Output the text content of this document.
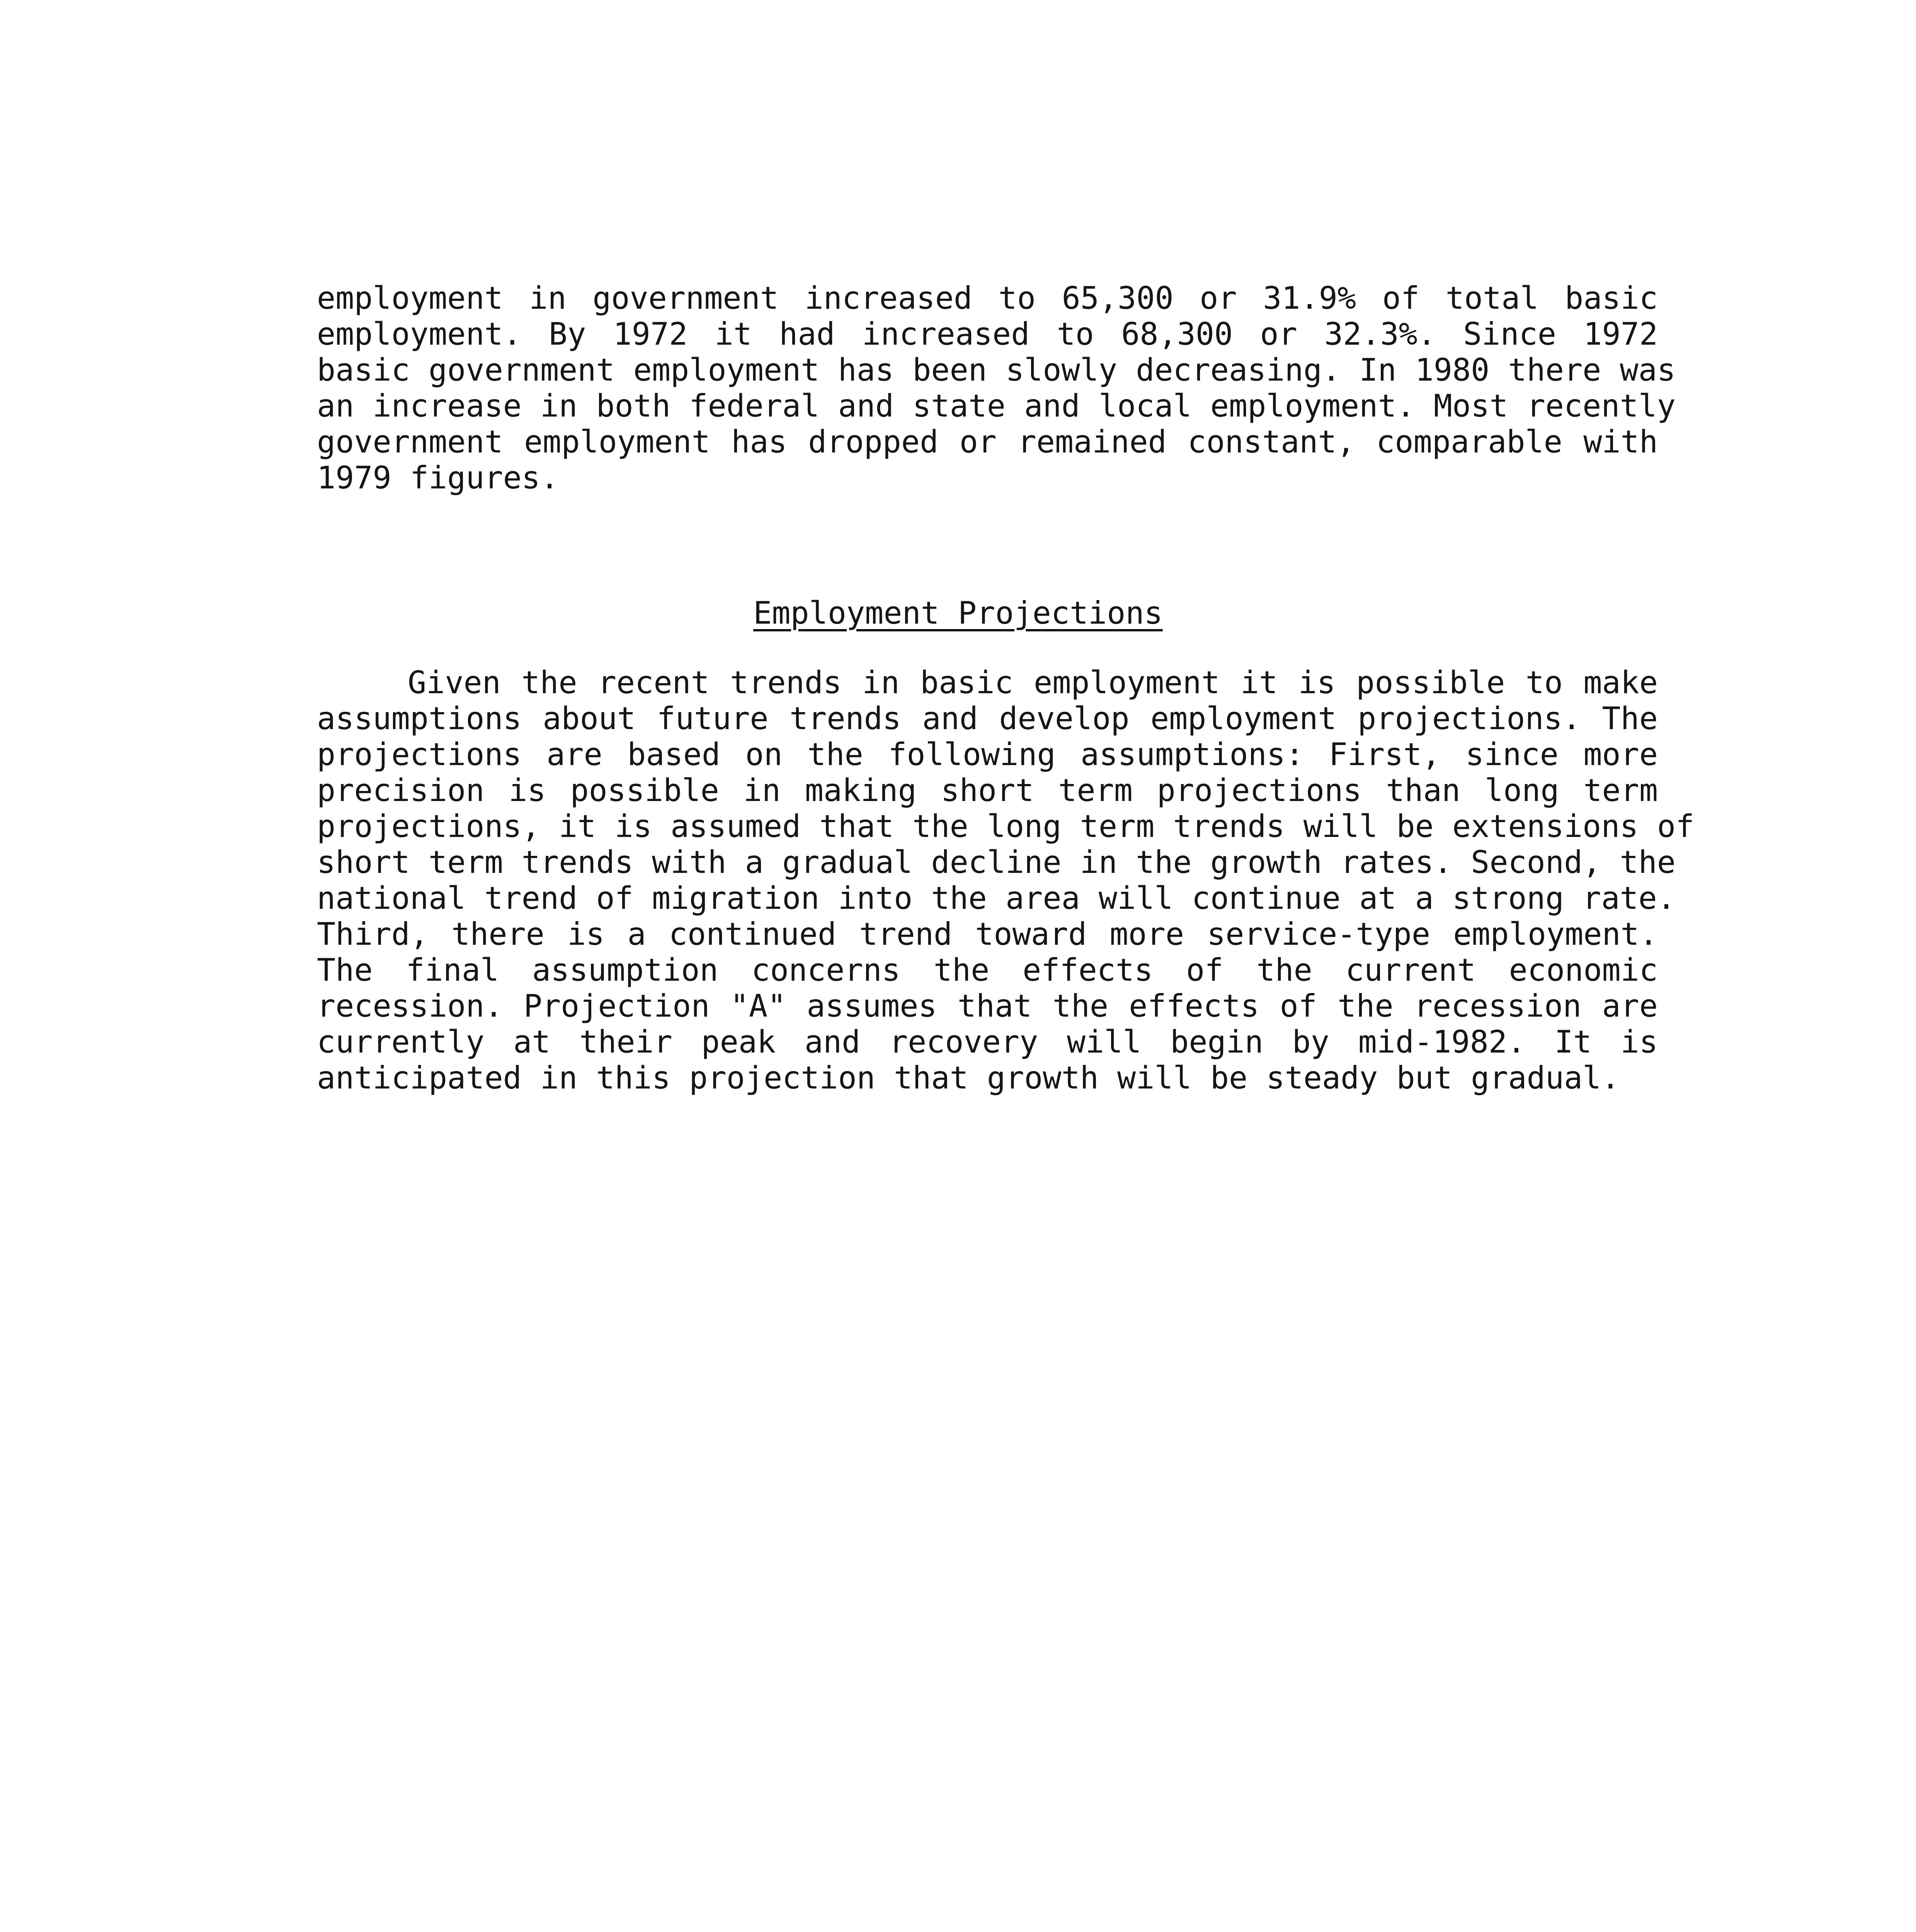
employment in government increased to 65,300 or 31.9% of total basic
employment. By 1972 it had increased to 68,300 or 32.3%. Since 1972
basic government employment has been slowly decreasing. In 1980 there was
an increase in both federal and state and local employment. Most recently
government employment has dropped or remained constant, comparable with
1979 figures.
Employment Projections
Given the recent trends in basic employment it is possible to make
assumptions about future trends and develop employment projections. The
projections are based on the following assumptions: First, since more
precision is possible in making short term projections than long term
projections, it is assumed that the long term trends will be extensions of
short term trends with a gradual decline in the growth rates. Second, the
national trend of migration into the area will continue at a strong rate.
Third, there is a continued trend toward more service-type employment.
The final assumption concerns the effects of the current economic
recession. Projection "A" assumes that the effects of the recession are
currently at their peak and recovery will begin by mid-1982. It is
anticipated in this projection that growth will be steady but gradual.
